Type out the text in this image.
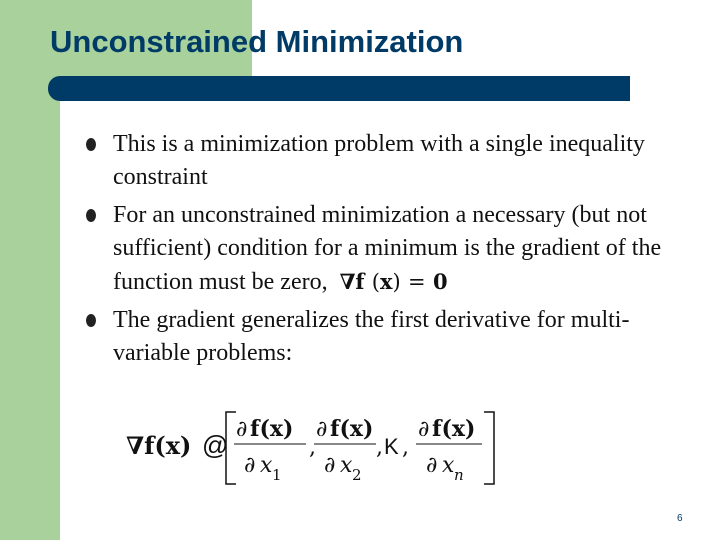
Unconstrained Minimization
This is a minimization problem with a single inequality constraint
For an unconstrained minimization a necessary (but not sufficient) condition for a minimum is the gradient of the function must be zero, ∇f (x) = 0
The gradient generalizes the first derivative for multi-variable problems:
∇f(x) @
∂ f(x)
∂ x 1
,
∂ f(x)
∂ x 2
, K ,
∂ f(x)
∂ x n
6
